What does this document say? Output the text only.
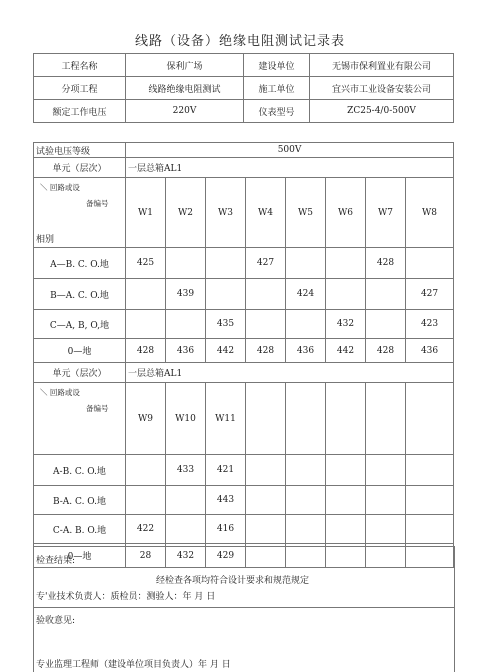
线路（设备）绝缘电阻测试记录表
工程名称	保利广场	建设单位	无锡市保利置业有限公司
分项工程	线路绝缘电阻测试	施工单位	宜兴市工业设备安装公司
额定工作电压	220V	仪表型号	ZC25-4/0-500V
试验电压等级	500V							
单元（层次）	一层总箱AL1							

＼ 回路或设
备编号
相别	W1	W2	W3	W4	W5	W6	W7	W8
A—B. C. O.地	425			427			428	
B—A. C. O.地		439			424			427
C—A, B, O,地			435			432		423
0—地	428	436	442	428	436	442	428	436
单元（层次）	一层总箱AL1							

＼ 回路或设
备编号	W9	W10	W11					
A-B. C. O.地		433	421					
B-A. C. O.地			443					
C-A. B. O.地	422		416					
0—地	28	432	429					
检查结果:
经检查各项均符合设计要求和规范规定
专'业技术负责人：质检员：测验人：年 月 日
验收意见:
专业监理工程师（建设单位项目负责人）年 月 日
